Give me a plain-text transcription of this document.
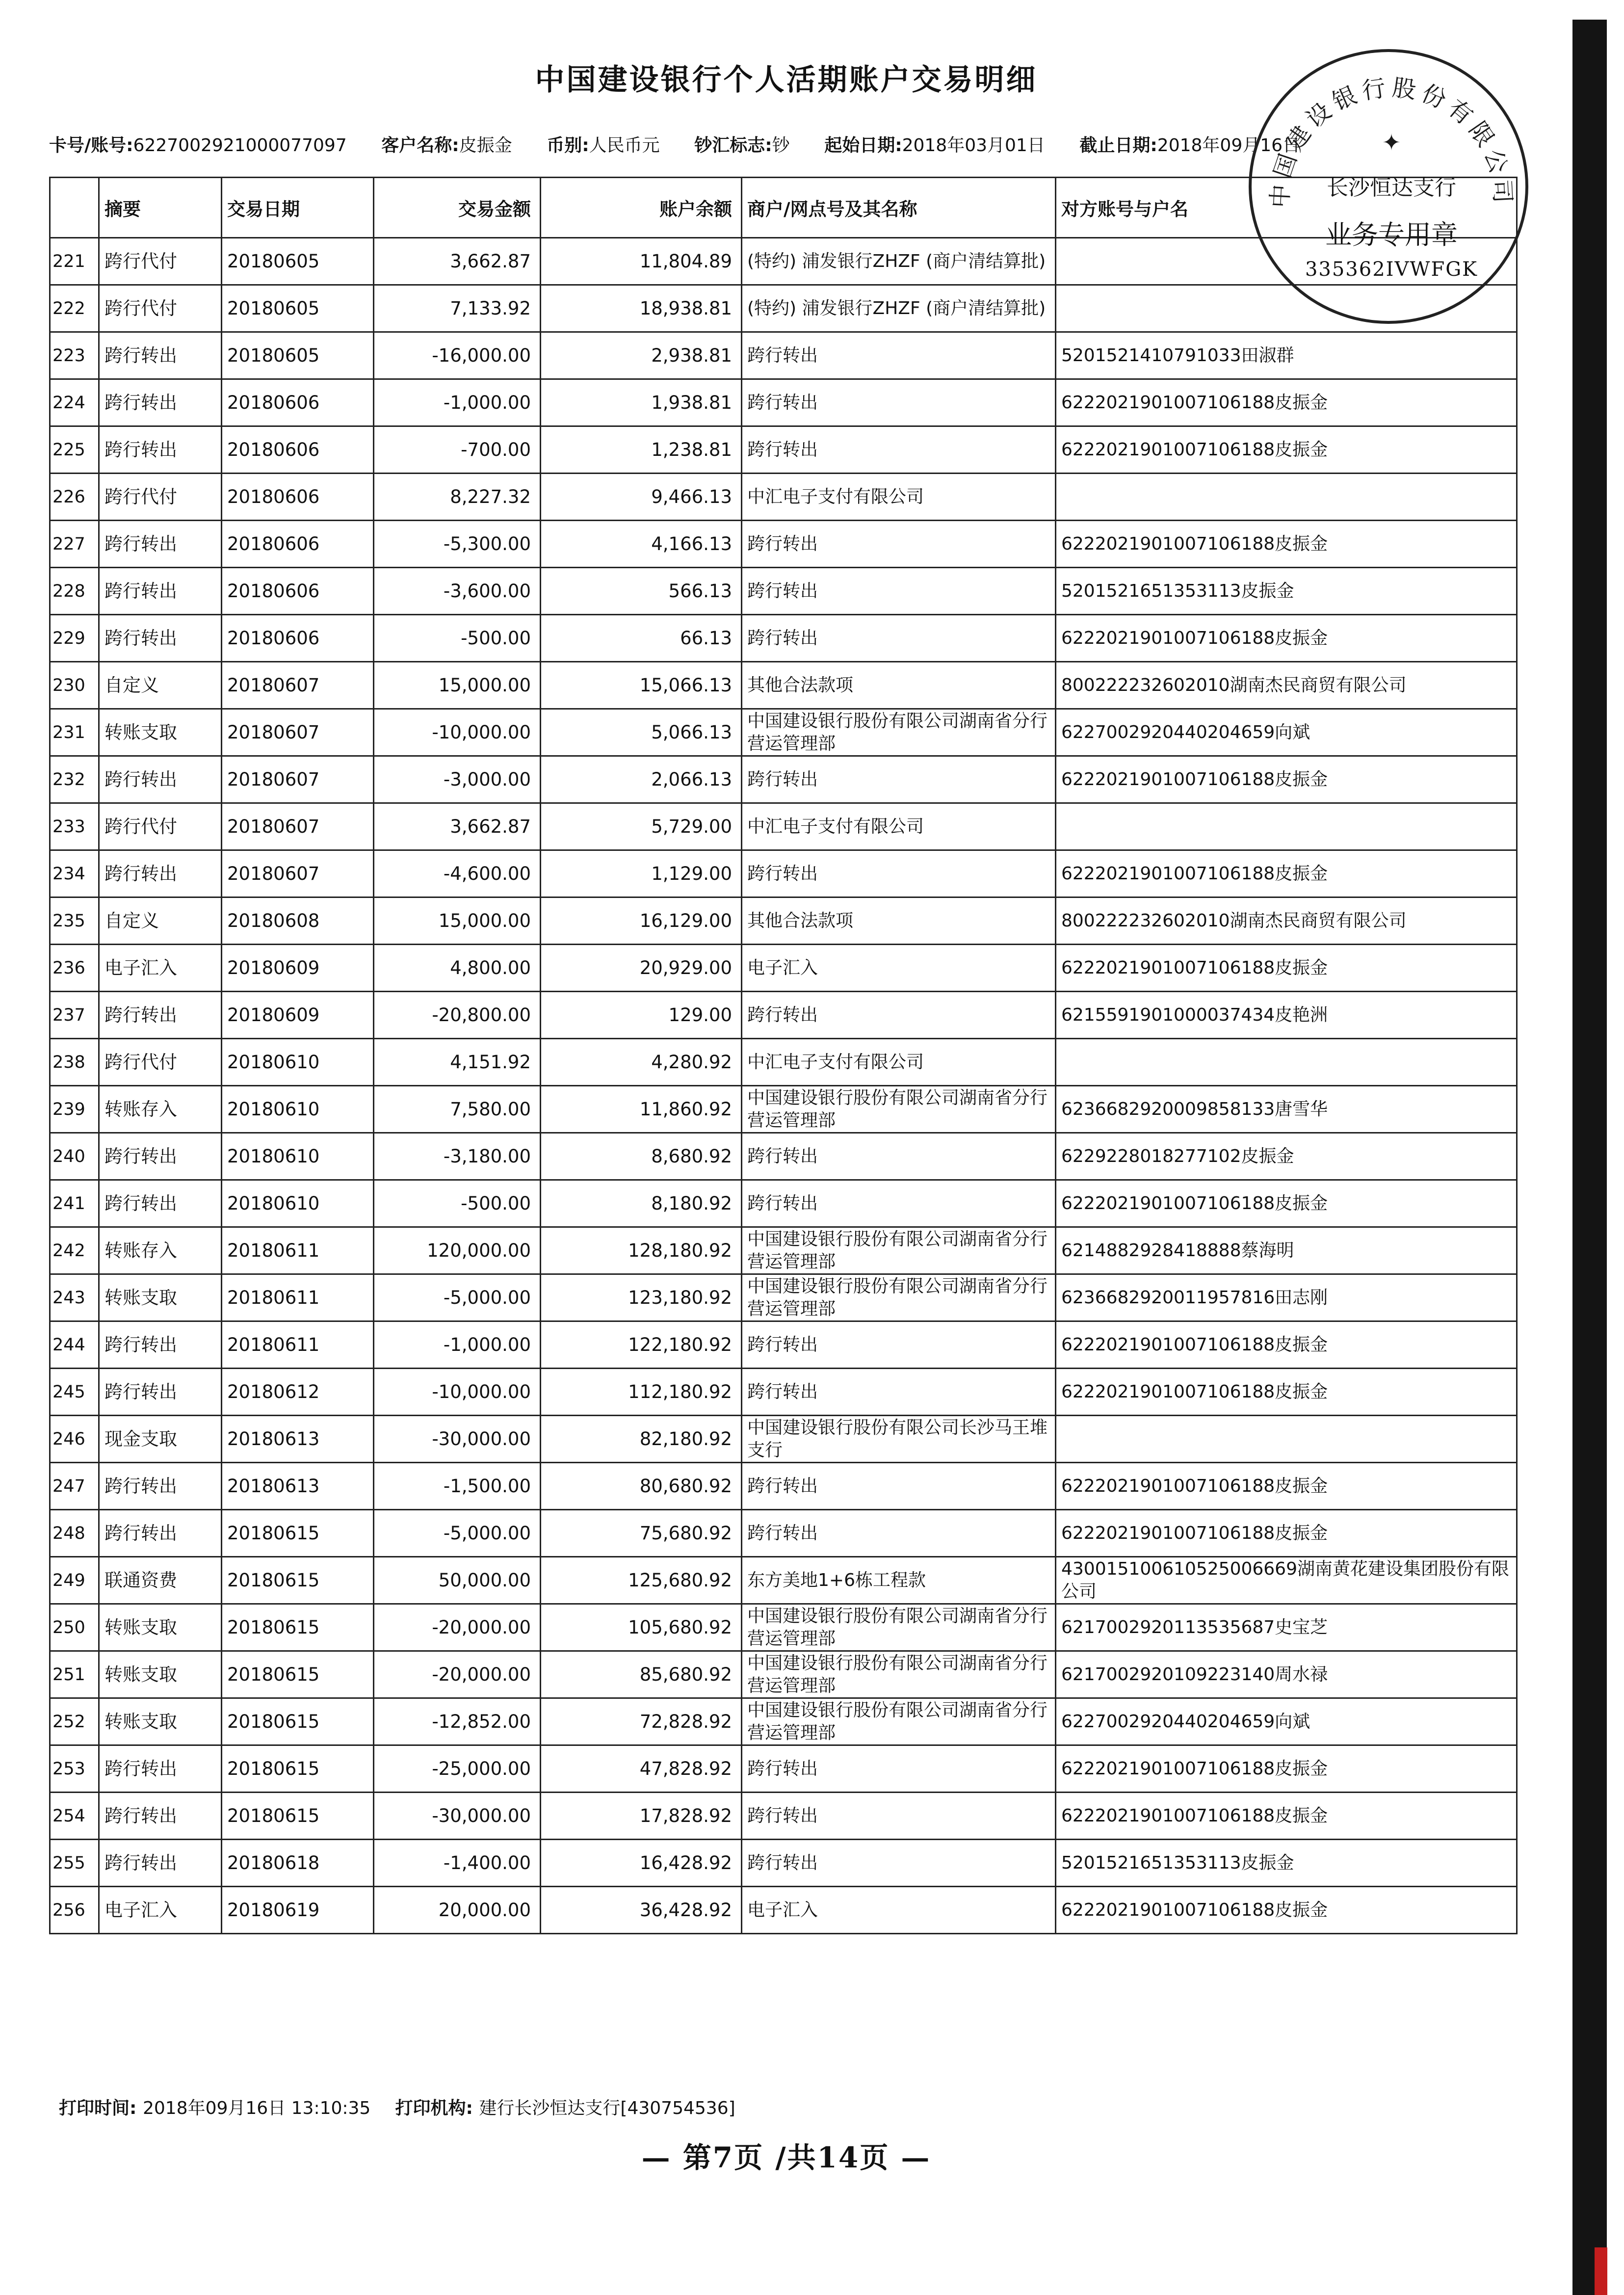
中国建设银行个人活期账户交易明细
卡号/账号:6227002921000077097 客户名称:皮振金 币别:人民币元 钞汇标志:钞 起始日期:2018年03月01日 截止日期:2018年09月16日
	摘要	交易日期	交易金额	账户余额	商户/网点号及其名称	对方账号与户名
221	跨行代付	20180605	3,662.87	11,804.89	(特约) 浦发银行ZHZF (商户清结算批)	
222	跨行代付	20180605	7,133.92	18,938.81	(特约) 浦发银行ZHZF (商户清结算批)	
223	跨行转出	20180605	-16,000.00	2,938.81	跨行转出	5201521410791033田淑群
224	跨行转出	20180606	-1,000.00	1,938.81	跨行转出	6222021901007106188皮振金
225	跨行转出	20180606	-700.00	1,238.81	跨行转出	6222021901007106188皮振金
226	跨行代付	20180606	8,227.32	9,466.13	中汇电子支付有限公司	
227	跨行转出	20180606	-5,300.00	4,166.13	跨行转出	6222021901007106188皮振金
228	跨行转出	20180606	-3,600.00	566.13	跨行转出	5201521651353113皮振金
229	跨行转出	20180606	-500.00	66.13	跨行转出	6222021901007106188皮振金
230	自定义	20180607	15,000.00	15,066.13	其他合法款项	800222232602010湖南杰民商贸有限公司
231	转账支取	20180607	-10,000.00	5,066.13	中国建设银行股份有限公司湖南省分行营运管理部	6227002920440204659向斌
232	跨行转出	20180607	-3,000.00	2,066.13	跨行转出	6222021901007106188皮振金
233	跨行代付	20180607	3,662.87	5,729.00	中汇电子支付有限公司	
234	跨行转出	20180607	-4,600.00	1,129.00	跨行转出	6222021901007106188皮振金
235	自定义	20180608	15,000.00	16,129.00	其他合法款项	800222232602010湖南杰民商贸有限公司
236	电子汇入	20180609	4,800.00	20,929.00	电子汇入	6222021901007106188皮振金
237	跨行转出	20180609	-20,800.00	129.00	跨行转出	6215591901000037434皮艳洲
238	跨行代付	20180610	4,151.92	4,280.92	中汇电子支付有限公司	
239	转账存入	20180610	7,580.00	11,860.92	中国建设银行股份有限公司湖南省分行营运管理部	6236682920009858133唐雪华
240	跨行转出	20180610	-3,180.00	8,680.92	跨行转出	6229228018277102皮振金
241	跨行转出	20180610	-500.00	8,180.92	跨行转出	6222021901007106188皮振金
242	转账存入	20180611	120,000.00	128,180.92	中国建设银行股份有限公司湖南省分行营运管理部	6214882928418888蔡海明
243	转账支取	20180611	-5,000.00	123,180.92	中国建设银行股份有限公司湖南省分行营运管理部	6236682920011957816田志刚
244	跨行转出	20180611	-1,000.00	122,180.92	跨行转出	6222021901007106188皮振金
245	跨行转出	20180612	-10,000.00	112,180.92	跨行转出	6222021901007106188皮振金
246	现金支取	20180613	-30,000.00	82,180.92	中国建设银行股份有限公司长沙马王堆支行	
247	跨行转出	20180613	-1,500.00	80,680.92	跨行转出	6222021901007106188皮振金
248	跨行转出	20180615	-5,000.00	75,680.92	跨行转出	6222021901007106188皮振金
249	联通资费	20180615	50,000.00	125,680.92	东方美地1+6栋工程款	430015100610525006669湖南黄花建设集团股份有限公司
250	转账支取	20180615	-20,000.00	105,680.92	中国建设银行股份有限公司湖南省分行营运管理部	6217002920113535687史宝芝
251	转账支取	20180615	-20,000.00	85,680.92	中国建设银行股份有限公司湖南省分行营运管理部	6217002920109223140周水禄
252	转账支取	20180615	-12,852.00	72,828.92	中国建设银行股份有限公司湖南省分行营运管理部	6227002920440204659向斌
253	跨行转出	20180615	-25,000.00	47,828.92	跨行转出	6222021901007106188皮振金
254	跨行转出	20180615	-30,000.00	17,828.92	跨行转出	6222021901007106188皮振金
255	跨行转出	20180618	-1,400.00	16,428.92	跨行转出	5201521651353113皮振金
256	电子汇入	20180619	20,000.00	36,428.92	电子汇入	6222021901007106188皮振金
中国建设银行股份有限公司
✦
长沙恒达支行
业务专用章
335362IVWFGK
打印时间: 2018年09月16日 13:10:35 打印机构: 建行长沙恒达支行[430754536]
— 第7页 /共14页 —
